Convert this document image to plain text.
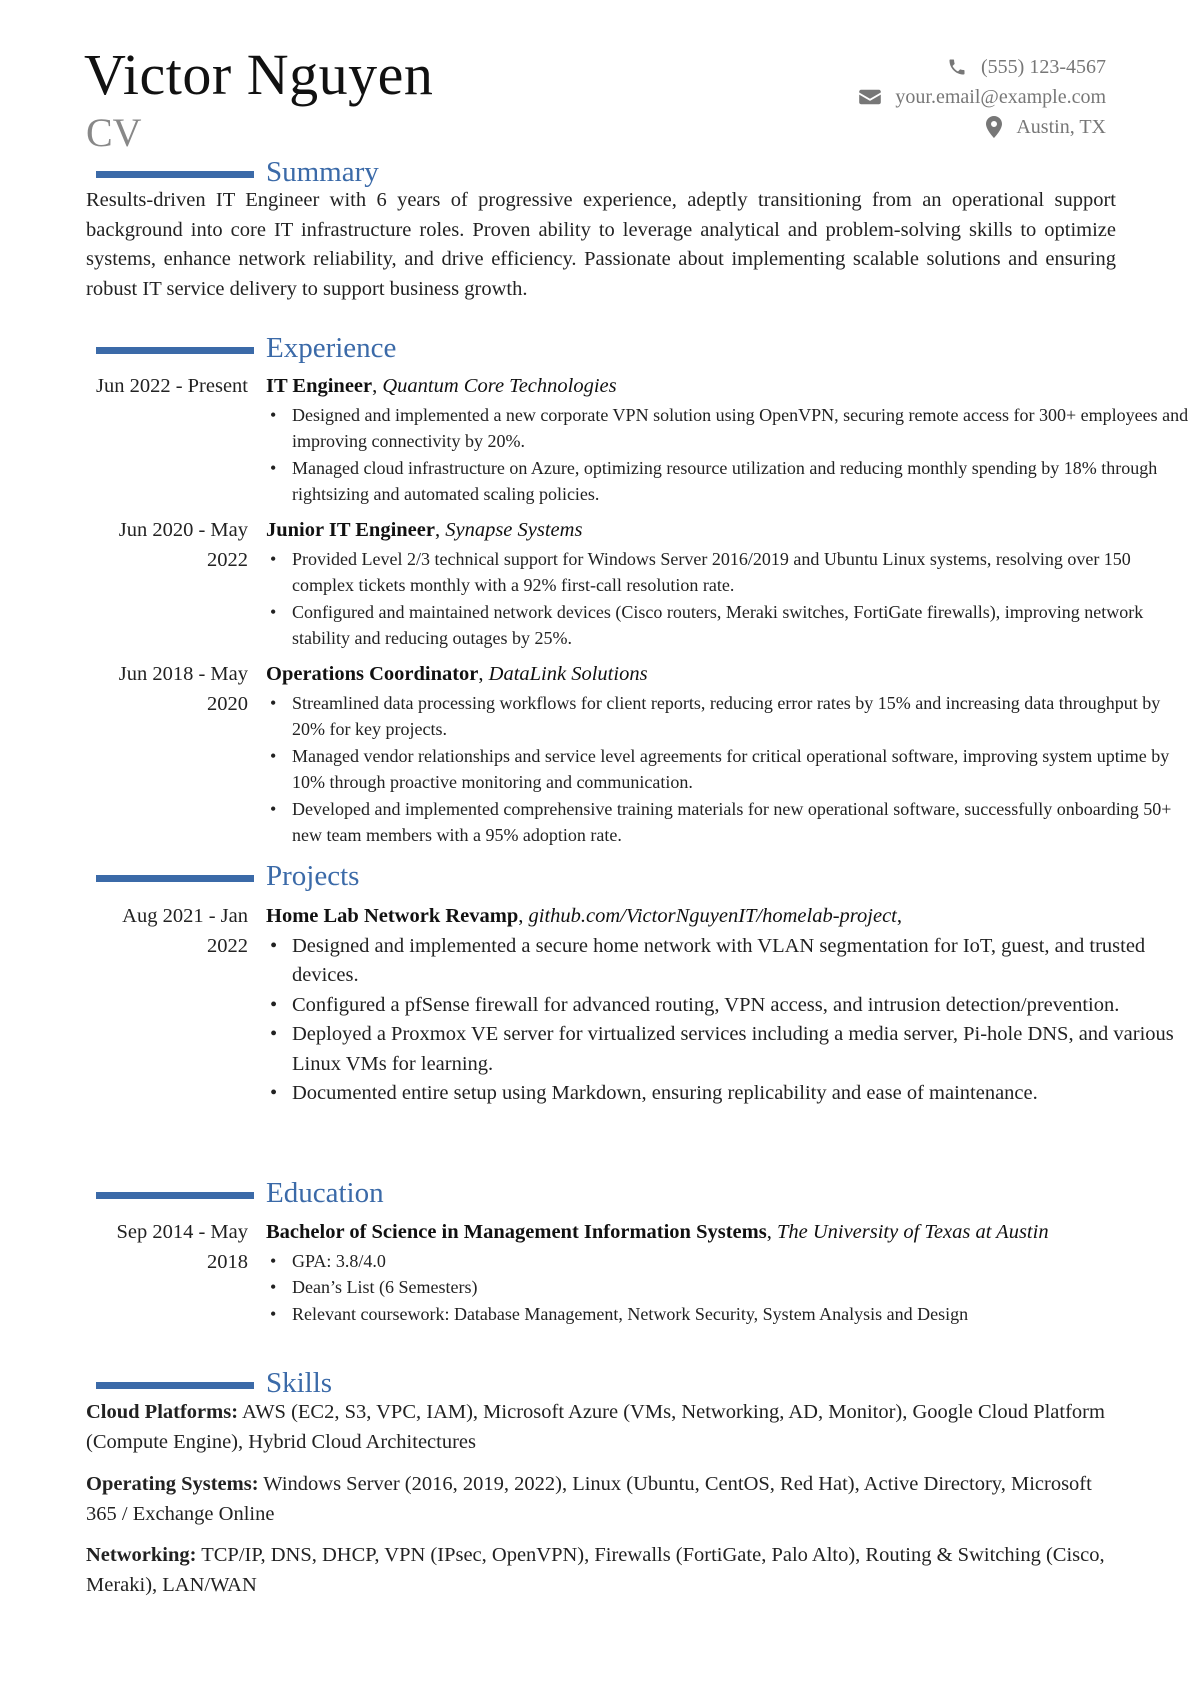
Victor Nguyen
CV
(555) 123-4567
your.email@example.com
Austin, TX
Summary
Results-driven IT Engineer with 6 years of progressive experience, adeptly transitioning from an operational support background into core IT infrastructure roles. Proven ability to leverage analytical and problem-solving skills to optimize systems, enhance network reliability, and drive efficiency. Passionate about implementing scalable solutions and ensuring robust IT service delivery to support business growth.
Experience
Jun 2022 - Present IT Engineer, Quantum Core Technologies
• Designed and implemented a new corporate VPN solution using OpenVPN, securing remote access for 300+ employees and improving connectivity by 20%.
• Managed cloud infrastructure on Azure, optimizing resource utilization and reducing monthly spending by 18% through rightsizing and automated scaling policies.
Jun 2020 - May 2022
Junior IT Engineer, Synapse Systems
• Provided Level 2/3 technical support for Windows Server 2016/2019 and Ubuntu Linux systems, resolving over 150 complex tickets monthly with a 92% first-call resolution rate.
• Configured and maintained network devices (Cisco routers, Meraki switches, FortiGate firewalls), improving network stability and reducing outages by 25%.
Jun 2018 - May 2020
Operations Coordinator, DataLink Solutions
• Streamlined data processing workflows for client reports, reducing error rates by 15% and increasing data throughput by 20% for key projects.
• Managed vendor relationships and service level agreements for critical operational software, improving system uptime by 10% through proactive monitoring and communication.
• Developed and implemented comprehensive training materials for new operational software, successfully onboarding 50+ new team members with a 95% adoption rate.
Projects
Aug 2021 - Jan 2022
Home Lab Network Revamp, github.com/VictorNguyenIT/homelab-project,
• Designed and implemented a secure home network with VLAN segmentation for IoT, guest, and trusted devices.
• Configured a pfSense firewall for advanced routing, VPN access, and intrusion detection/prevention.
• Deployed a Proxmox VE server for virtualized services including a media server, Pi-hole DNS, and various Linux VMs for learning.
• Documented entire setup using Markdown, ensuring replicability and ease of maintenance.
Education
Sep 2014 - May 2018
Bachelor of Science in Management Information Systems, The University of Texas at Austin
• GPA: 3.8/4.0
• Dean’s List (6 Semesters)
• Relevant coursework: Database Management, Network Security, System Analysis and Design
Skills
Cloud Platforms: AWS (EC2, S3, VPC, IAM), Microsoft Azure (VMs, Networking, AD, Monitor), Google Cloud Platform (Compute Engine), Hybrid Cloud Architectures
Operating Systems: Windows Server (2016, 2019, 2022), Linux (Ubuntu, CentOS, Red Hat), Active Directory, Microsoft 365 / Exchange Online
Networking: TCP/IP, DNS, DHCP, VPN (IPsec, OpenVPN), Firewalls (FortiGate, Palo Alto), Routing & Switching (Cisco, Meraki), LAN/WAN
